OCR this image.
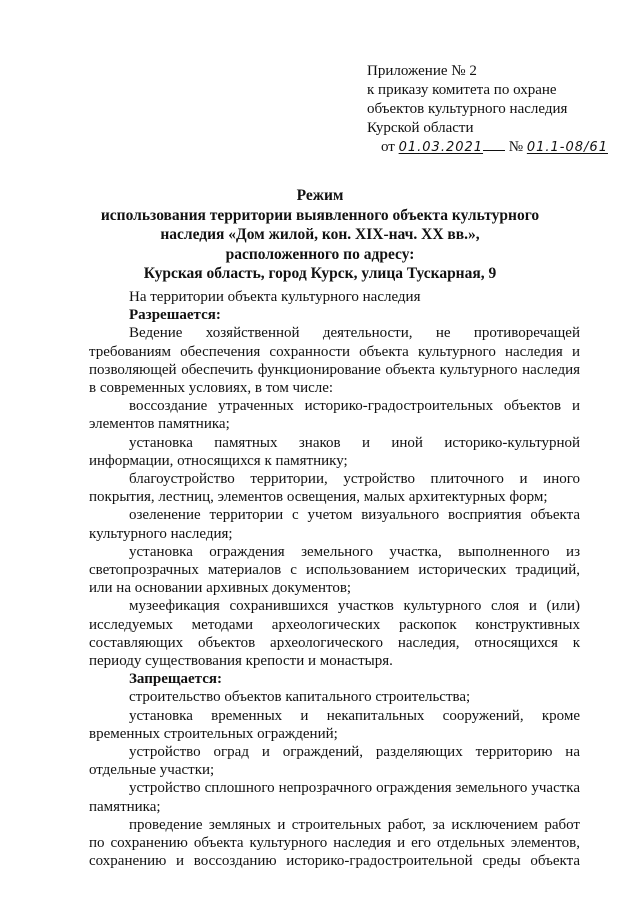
Приложение № 2
к приказу комитета по охране
объектов культурного наследия
Курской области
от 01.03.2021 № 01.1-08/61
Режим
использования территории выявленного объекта культурного
наследия «Дом жилой, кон. XIX-нач. XX вв.»,
расположенного по адресу:
Курская область, город Курск, улица Тускарная, 9

На территории объекта культурного наследия

Разрешается:

Ведение хозяйственной деятельности, не противоречащей требованиям обеспечения сохранности объекта культурного наследия и позволяющей обеспечить функционирование объекта культурного наследия в современных условиях, в том числе:

воссоздание утраченных историко-градостроительных объектов и элементов памятника;

установка памятных знаков и иной историко-культурной информации, относящихся к памятнику;

благоустройство территории, устройство плиточного и иного покрытия, лестниц, элементов освещения, малых архитектурных форм;

озеленение территории с учетом визуального восприятия объекта культурного наследия;

установка ограждения земельного участка, выполненного из светопрозрачных материалов с использованием исторических традиций, или на основании архивных документов;

музеефикация сохранившихся участков культурного слоя и (или) исследуемых методами археологических раскопок конструктивных составляющих объектов археологического наследия, относящихся к периоду существования крепости и монастыря.

Запрещается:

строительство объектов капитального строительства;

установка временных и некапитальных сооружений, кроме временных строительных ограждений;

устройство оград и ограждений, разделяющих территорию на отдельные участки;

устройство сплошного непрозрачного ограждения земельного участка памятника;

проведение земляных и строительных работ, за исключением работ по сохранению объекта культурного наследия и его отдельных элементов, сохранению и воссозданию историко-градостроительной среды объекта
